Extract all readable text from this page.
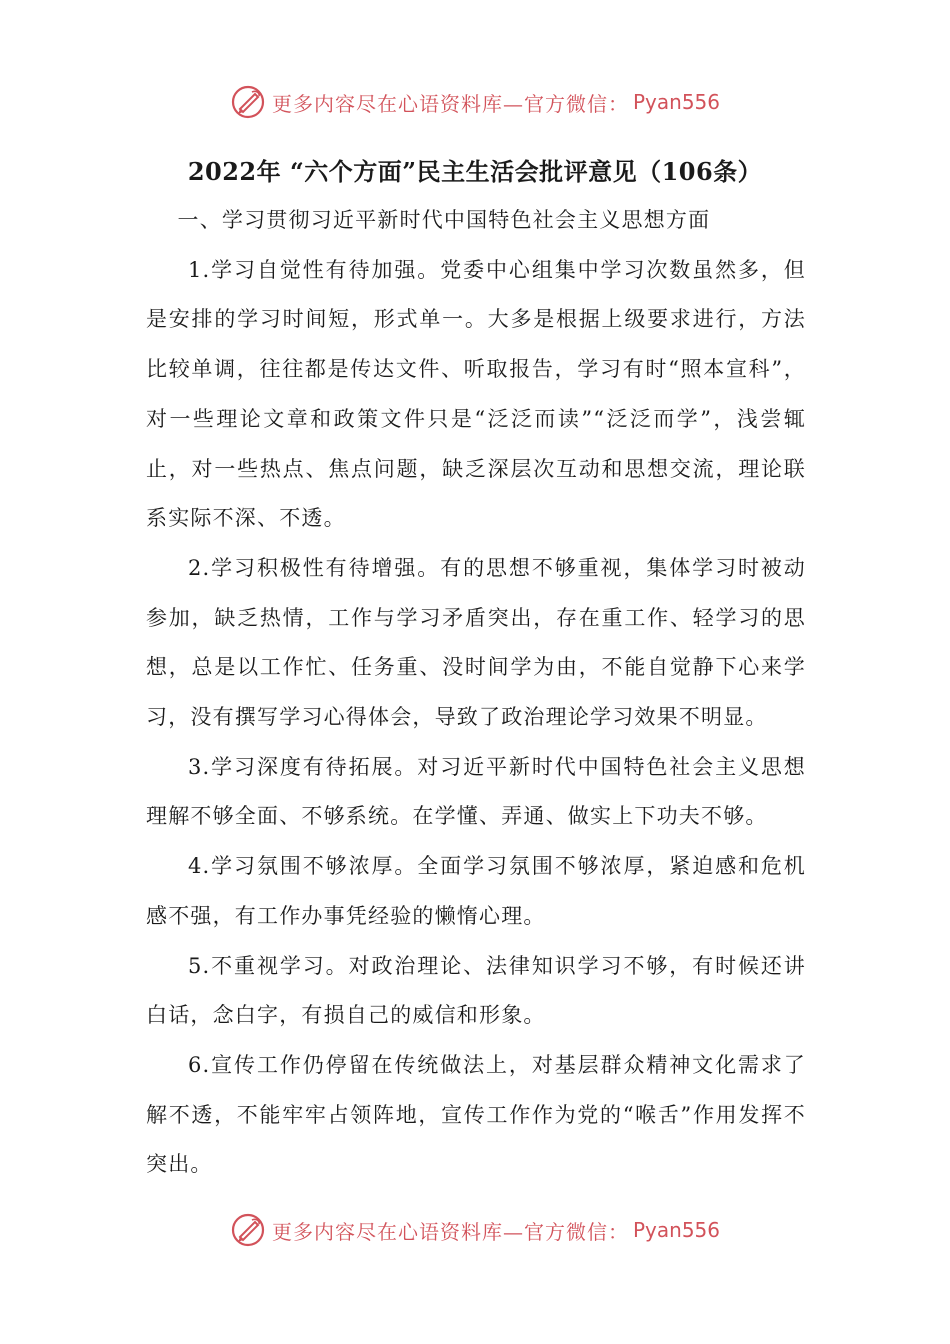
更多内容尽在心语资料库—官方微信： Pyan556
2022年 “六个方面”民主生活会批评意见（106条）

一、学习贯彻习近平新时代中国特色社会主义思想方面

1.学习自觉性有待加强。党委中心组集中学习次数虽然多，但是安排的学习时间短，形式单一。大多是根据上级要求进行，方法比较单调，往往都是传达文件、听取报告，学习有时“照本宣科”，对一些理论文章和政策文件只是“泛泛而读”“泛泛而学”，浅尝辄止，对一些热点、焦点问题，缺乏深层次互动和思想交流，理论联系实际不深、不透。

2.学习积极性有待增强。有的思想不够重视，集体学习时被动参加，缺乏热情，工作与学习矛盾突出，存在重工作、轻学习的思想，总是以工作忙、任务重、没时间学为由，不能自觉静下心来学习，没有撰写学习心得体会，导致了政治理论学习效果不明显。

3.学习深度有待拓展。对习近平新时代中国特色社会主义思想理解不够全面、不够系统。在学懂、弄通、做实上下功夫不够。

4.学习氛围不够浓厚。全面学习氛围不够浓厚，紧迫感和危机感不强，有工作办事凭经验的懒惰心理。

5.不重视学习。对政治理论、法律知识学习不够，有时候还讲白话，念白字，有损自己的威信和形象。

6.宣传工作仍停留在传统做法上，对基层群众精神文化需求了解不透，不能牢牢占领阵地，宣传工作作为党的“喉舌”作用发挥不突出。

更多内容尽在心语资料库—官方微信： Pyan556
